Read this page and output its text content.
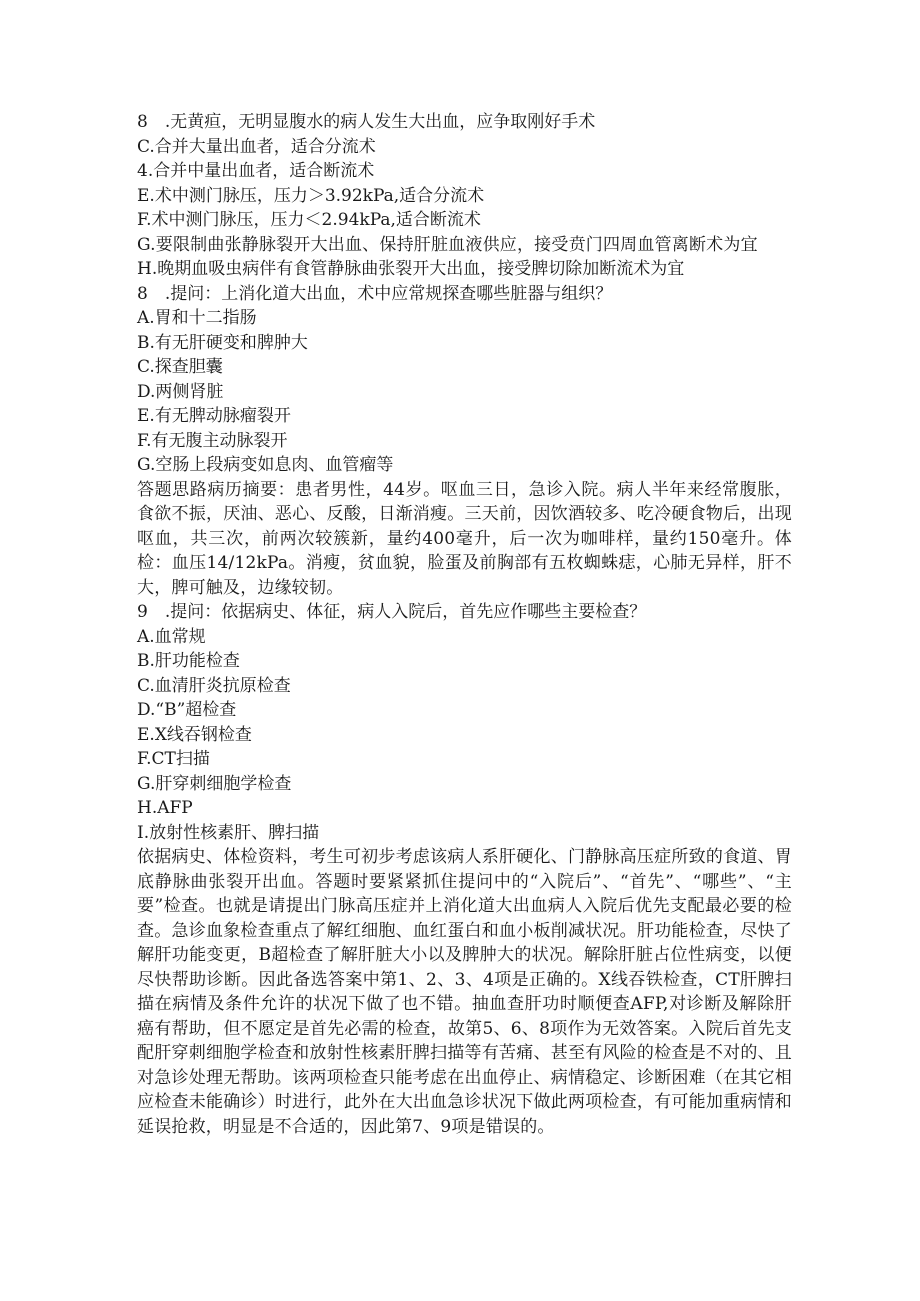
8　.无黄疸，无明显腹水的病人发生大出血，应争取刚好手术

C.合并大量出血者，适合分流术

4.合并中量出血者，适合断流术

E.术中测门脉压，压力＞3.92kPa,适合分流术

F.术中测门脉压，压力＜2.94kPa,适合断流术

G.要限制曲张静脉裂开大出血、保持肝脏血液供应，接受贲门四周血管离断术为宜

H.晚期血吸虫病伴有食管静脉曲张裂开大出血，接受脾切除加断流术为宜

8　.提问：上消化道大出血，术中应常规探查哪些脏器与组织？

A.胃和十二指肠

B.有无肝硬变和脾肿大

C.探查胆囊

D.两侧肾脏

E.有无脾动脉瘤裂开

F.有无腹主动脉裂开

G.空肠上段病变如息肉、血管瘤等

答题思路病历摘要：患者男性，44岁。呕血三日，急诊入院。病人半年来经常腹胀，食欲不振，厌油、恶心、反酸，日渐消瘦。三天前，因饮酒较多、吃冷硬食物后，出现呕血，共三次，前两次较簇新，量约400毫升，后一次为咖啡样，量约150毫升。体检：血压14/12kPa。消瘦，贫血貌，脸蛋及前胸部有五枚蜘蛛痣，心肺无异样，肝不大，脾可触及，边缘较韧。

9　.提问：依据病史、体征，病人入院后，首先应作哪些主要检查？

A.血常规

B.肝功能检查

C.血清肝炎抗原检查

D.“B”超检查

E.X线吞钢检查

F.CT扫描

G.肝穿刺细胞学检查

H.AFP

I.放射性核素肝、脾扫描

依据病史、体检资料，考生可初步考虑该病人系肝硬化、门静脉高压症所致的食道、胃底静脉曲张裂开出血。答题时要紧紧抓住提问中的“入院后”、“首先”、“哪些”、“主要”检查。也就是请提出门脉高压症并上消化道大出血病人入院后优先支配最必要的检查。急诊血象检查重点了解红细胞、血红蛋白和血小板削减状况。肝功能检查，尽快了解肝功能变更，B超检查了解肝脏大小以及脾肿大的状况。解除肝脏占位性病变，以便尽快帮助诊断。因此备选答案中第1、2、3、4项是正确的。X线吞铁检查，CT肝脾扫描在病情及条件允许的状况下做了也不错。抽血查肝功时顺便查AFP,对诊断及解除肝癌有帮助，但不愿定是首先必需的检查，故第5、6、8项作为无效答案。入院后首先支配肝穿刺细胞学检查和放射性核素肝脾扫描等有苦痛、甚至有风险的检查是不对的、且对急诊处理无帮助。该两项检查只能考虑在出血停止、病情稳定、诊断困难（在其它相应检查未能确诊）时进行，此外在大出血急诊状况下做此两项检查，有可能加重病情和延误抢救，明显是不合适的，因此第7、9项是错误的。
